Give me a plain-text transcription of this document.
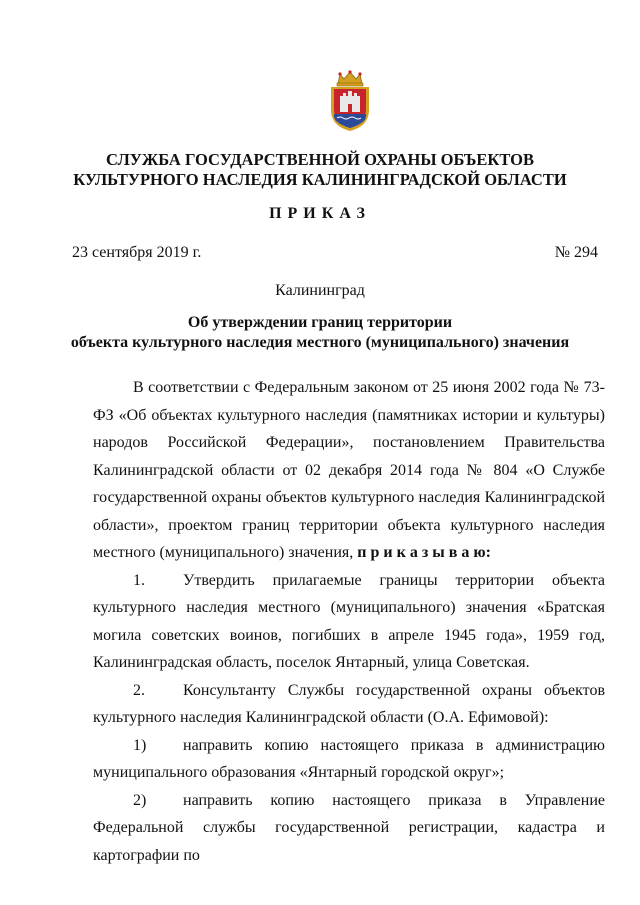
СЛУЖБА ГОСУДАРСТВЕННОЙ ОХРАНЫ ОБЪЕКТОВ
КУЛЬТУРНОГО НАСЛЕДИЯ КАЛИНИНГРАДСКОЙ ОБЛАСТИ
ПРИКАЗ
23 сентября 2019 г.	№ 294
Калининград
Об утверждении границ территории
объекта культурного наследия местного (муниципального) значения

В соответствии с Федеральным законом от 25 июня 2002 года № 73-ФЗ «Об объектах культурного наследия (памятниках истории и культуры) народов Российской Федерации», постановлением Правительства Калининградской области от 02 декабря 2014 года № 804 «О Службе государственной охраны объектов культурного наследия Калининградской области», проектом границ территории объекта культурного наследия местного (муниципального) значения, п р и к а з ы в а ю:

1. Утвердить прилагаемые границы территории объекта культурного наследия местного (муниципального) значения «Братская могила советских воинов, погибших в апреле 1945 года», 1959 год, Калининградская область, поселок Янтарный, улица Советская.

2. Консультанту Службы государственной охраны объектов культурного наследия Калининградской области (О.А. Ефимовой):

1) направить копию настоящего приказа в администрацию муниципального образования «Янтарный городской округ»;

2) направить копию настоящего приказа в Управление Федеральной службы государственной регистрации, кадастра и картографии по
